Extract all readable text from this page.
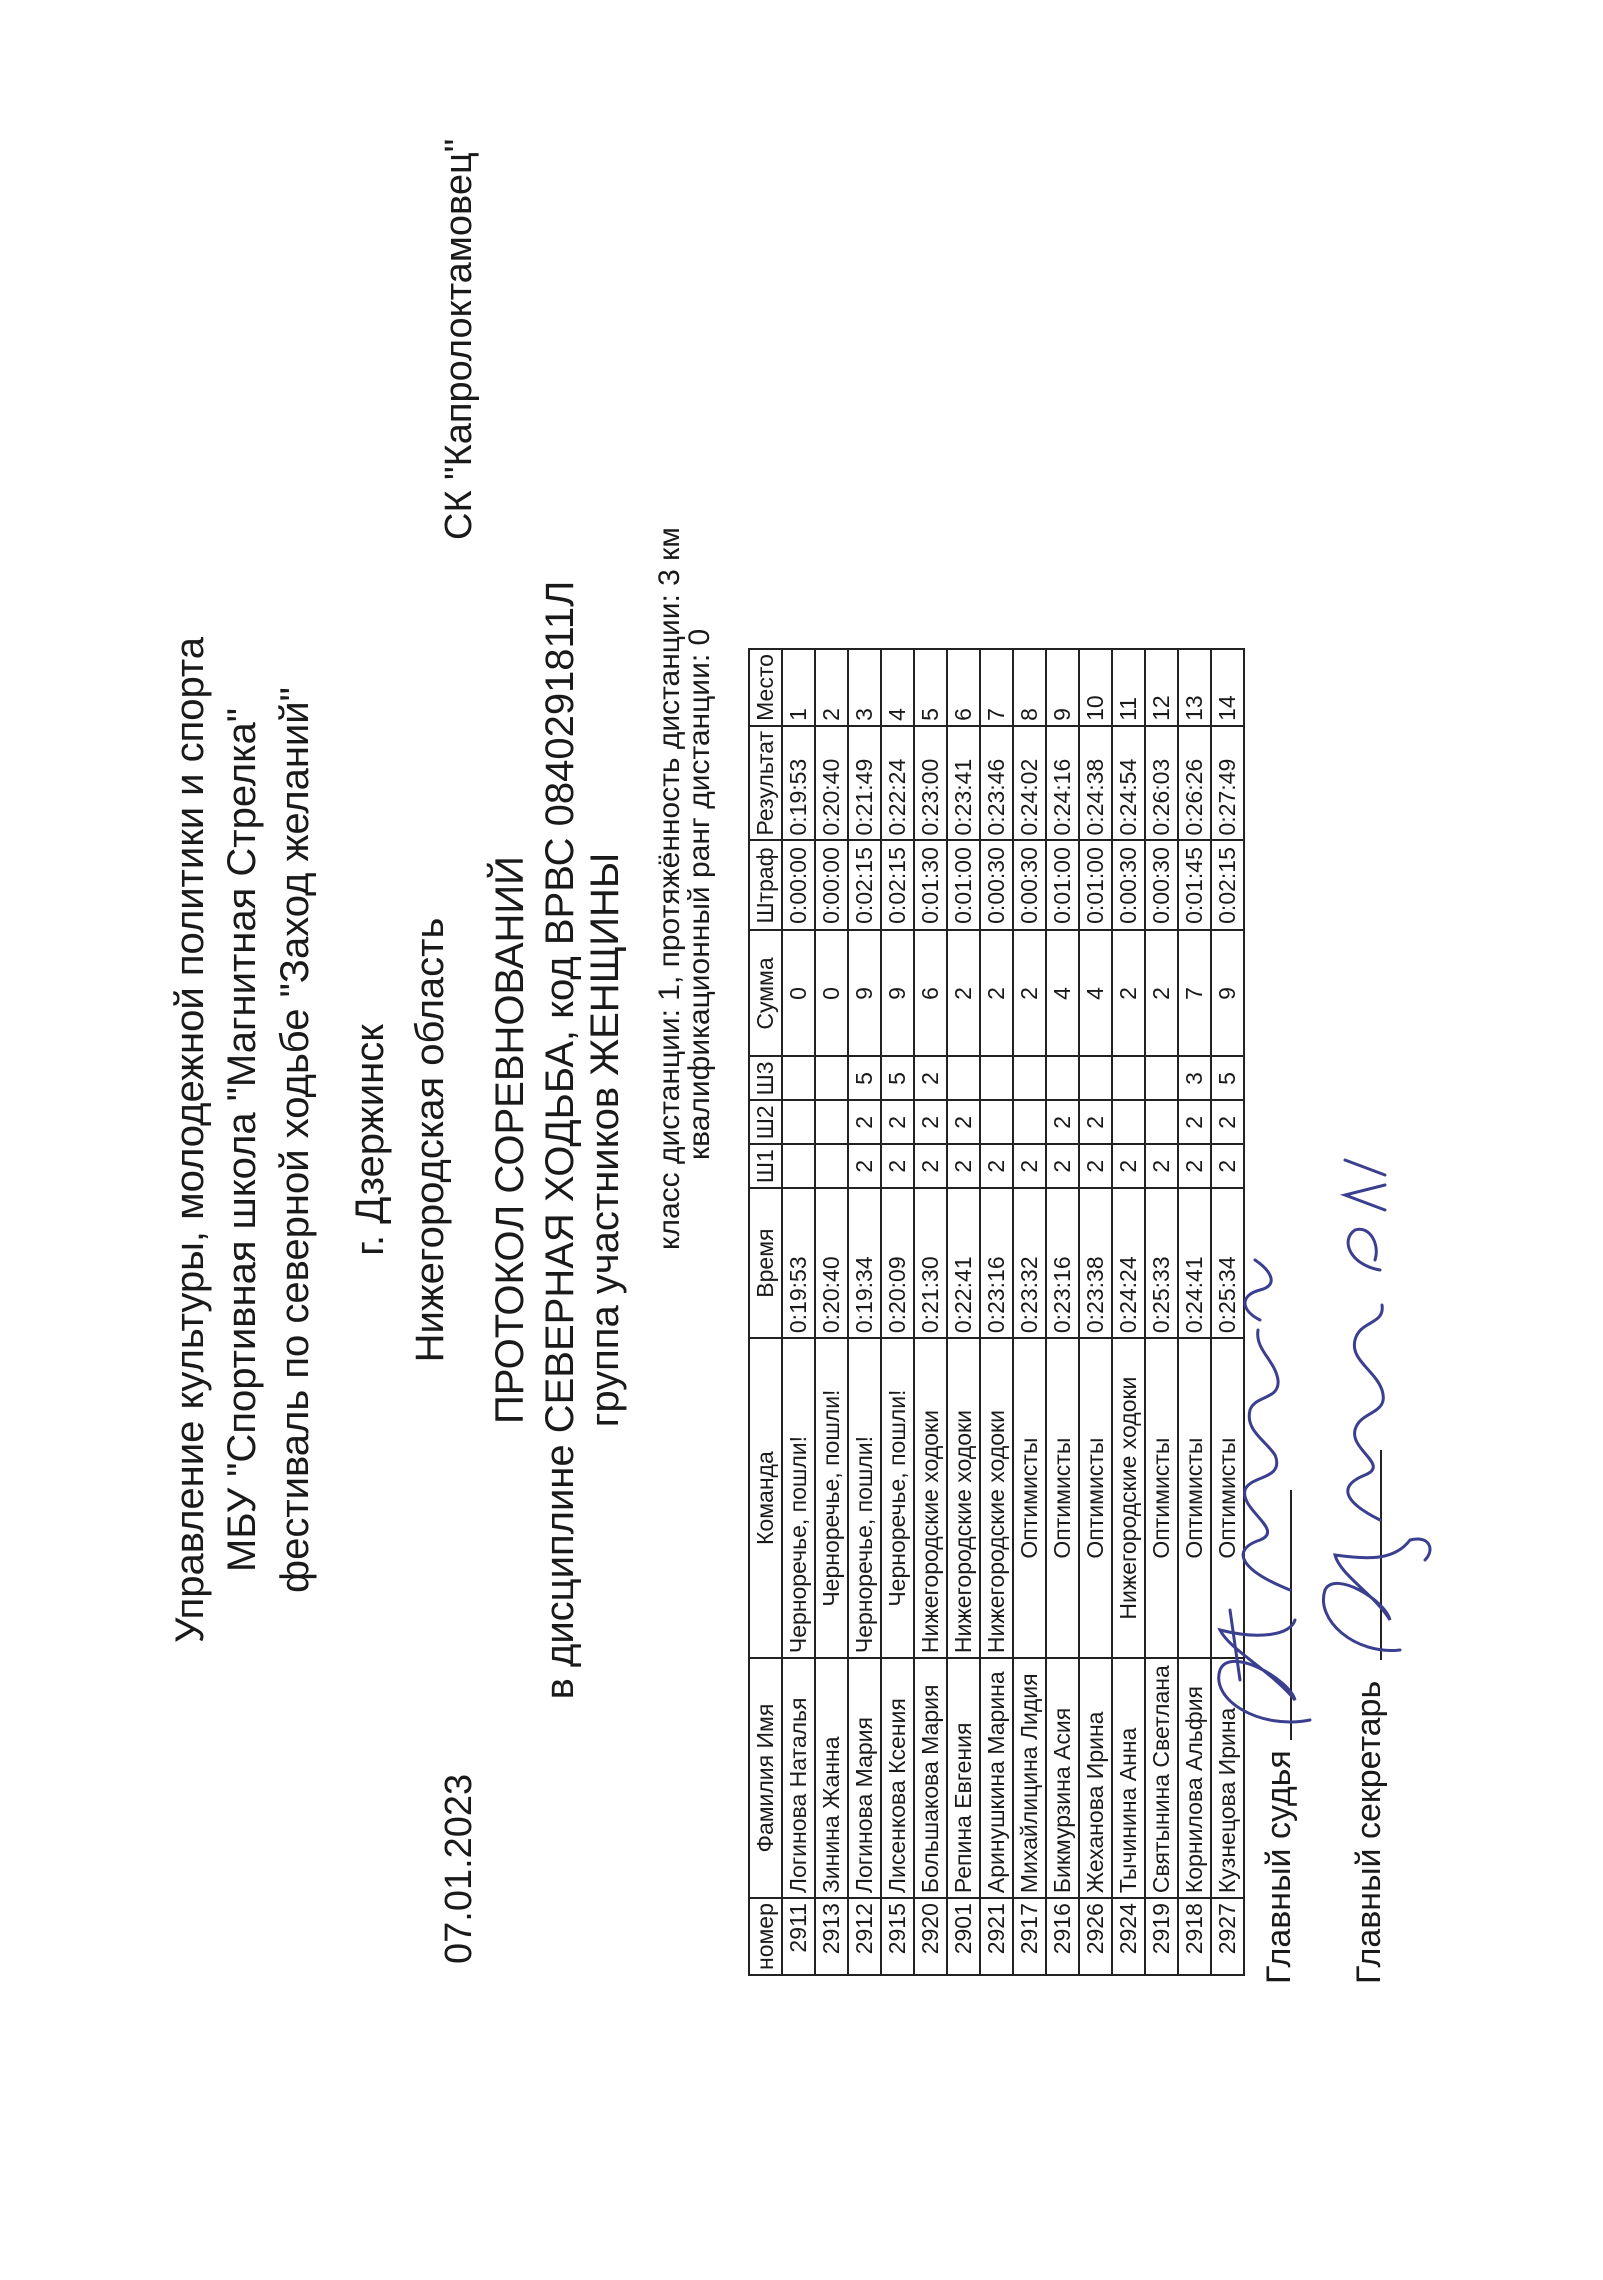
Управление культуры, молодежной политики и спорта МБУ "Спортивная школа "Магнитная Стрелка" фестиваль по северной ходьбе "Заход желаний" г. Дзержинск Нижегородская область
07.01.2023
СК "Капролоктамовец"
ПРОТОКОЛ СОРЕВНОВАНИЙ в дисциплине СЕВЕРНАЯ ХОДЬБА, код ВРВС 0840291811Л группа участников ЖЕНЩИНЫ класс дистанции: 1, протяжённость дистанции: 3 км
квалификационный ранг дистанции: 0
номер	Фамилия Имя	Команда	Время	Ш1	Ш2	Ш3	Сумма	Штраф	Результат	Место
2911	Логинова Наталья	Черноречье, пошли!	0:19:53				0	0:00:00	0:19:53	1
2913	Зинина Жанна	Черноречье, пошли!	0:20:40				0	0:00:00	0:20:40	2
2912	Логинова Мария	Черноречье, пошли!	0:19:34	2	2	5	9	0:02:15	0:21:49	3
2915	Лисенкова Ксения	Черноречье, пошли!	0:20:09	2	2	5	9	0:02:15	0:22:24	4
2920	Большакова Мария	Нижегородские ходоки	0:21:30	2	2	2	6	0:01:30	0:23:00	5
2901	Репина Евгения	Нижегородские ходоки	0:22:41	2	2		2	0:01:00	0:23:41	6
2921	Аринушкина Марина	Нижегородские ходоки	0:23:16	2			2	0:00:30	0:23:46	7
2917	Михайлицина Лидия	Оптимисты	0:23:32	2			2	0:00:30	0:24:02	8
2916	Бикмурзина Асия	Оптимисты	0:23:16	2	2		4	0:01:00	0:24:16	9
2926	Жеханова Ирина	Оптимисты	0:23:38	2	2		4	0:01:00	0:24:38	10
2924	Тычинина Анна	Нижегородские ходоки	0:24:24	2			2	0:00:30	0:24:54	11
2919	Святынина Светлана	Оптимисты	0:25:33	2			2	0:00:30	0:26:03	12
2918	Корнилова Альфия	Оптимисты	0:24:41	2	2	3	7	0:01:45	0:26:26	13
2927	Кузнецова Ирина	Оптимисты	0:25:34	2	2	5	9	0:02:15	0:27:49	14
Главный судья Главный секретарь
